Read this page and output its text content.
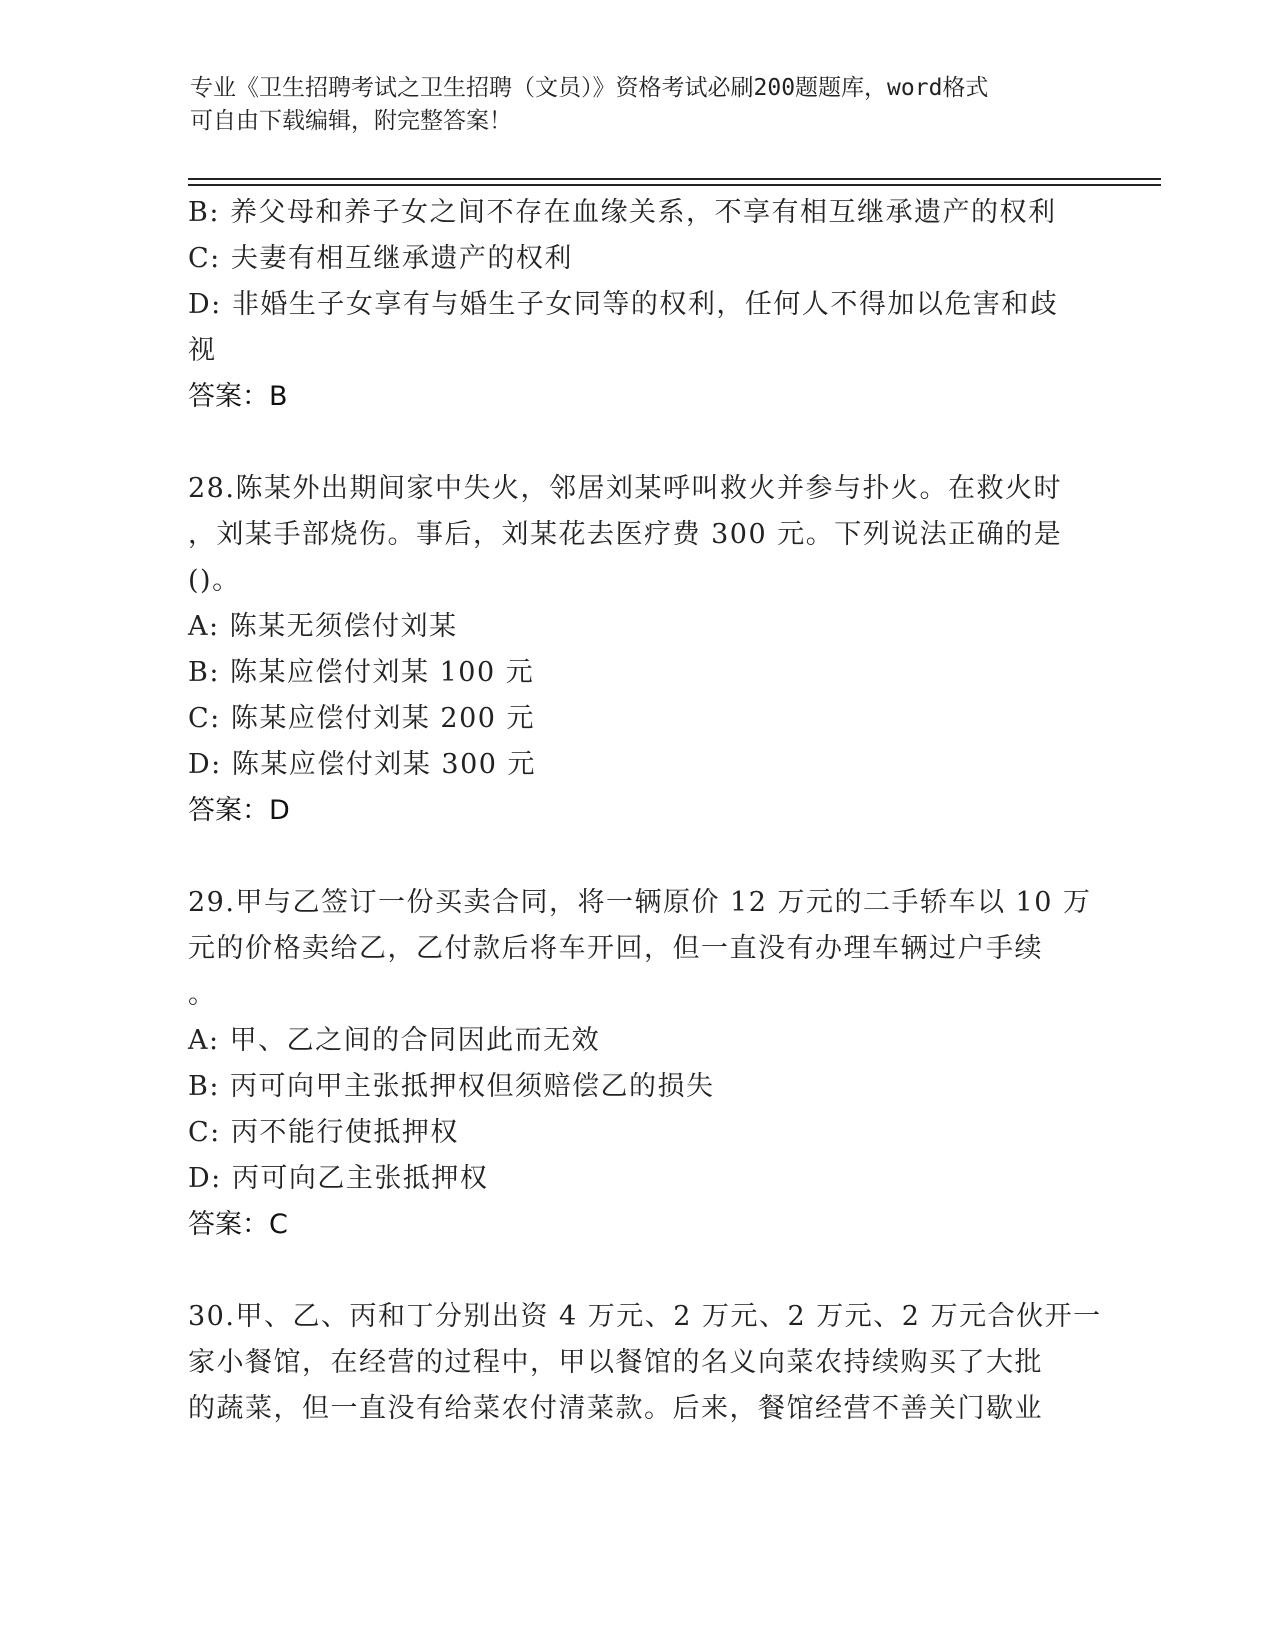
专业《卫生招聘考试之卫生招聘（文员）》资格考试必刷200题题库，word格式
可自由下载编辑，附完整答案！
B: 养父母和养子女之间不存在血缘关系，不享有相互继承遗产的权利
C: 夫妻有相互继承遗产的权利
D: 非婚生子女享有与婚生子女同等的权利，任何人不得加以危害和歧
视
答案：B
28.陈某外出期间家中失火，邻居刘某呼叫救火并参与扑火。在救火时
，刘某手部烧伤。事后，刘某花去医疗费 300 元。下列说法正确的是
()。
A: 陈某无须偿付刘某
B: 陈某应偿付刘某 100 元
C: 陈某应偿付刘某 200 元
D: 陈某应偿付刘某 300 元
答案：D
29.甲与乙签订一份买卖合同，将一辆原价 12 万元的二手轿车以 10 万
元的价格卖给乙，乙付款后将车开回，但一直没有办理车辆过户手续
。
A: 甲、乙之间的合同因此而无效
B: 丙可向甲主张抵押权但须赔偿乙的损失
C: 丙不能行使抵押权
D: 丙可向乙主张抵押权
答案：C
30.甲、乙、丙和丁分别出资 4 万元、2 万元、2 万元、2 万元合伙开一
家小餐馆，在经营的过程中，甲以餐馆的名义向菜农持续购买了大批
的蔬菜，但一直没有给菜农付清菜款。后来，餐馆经营不善关门歇业
